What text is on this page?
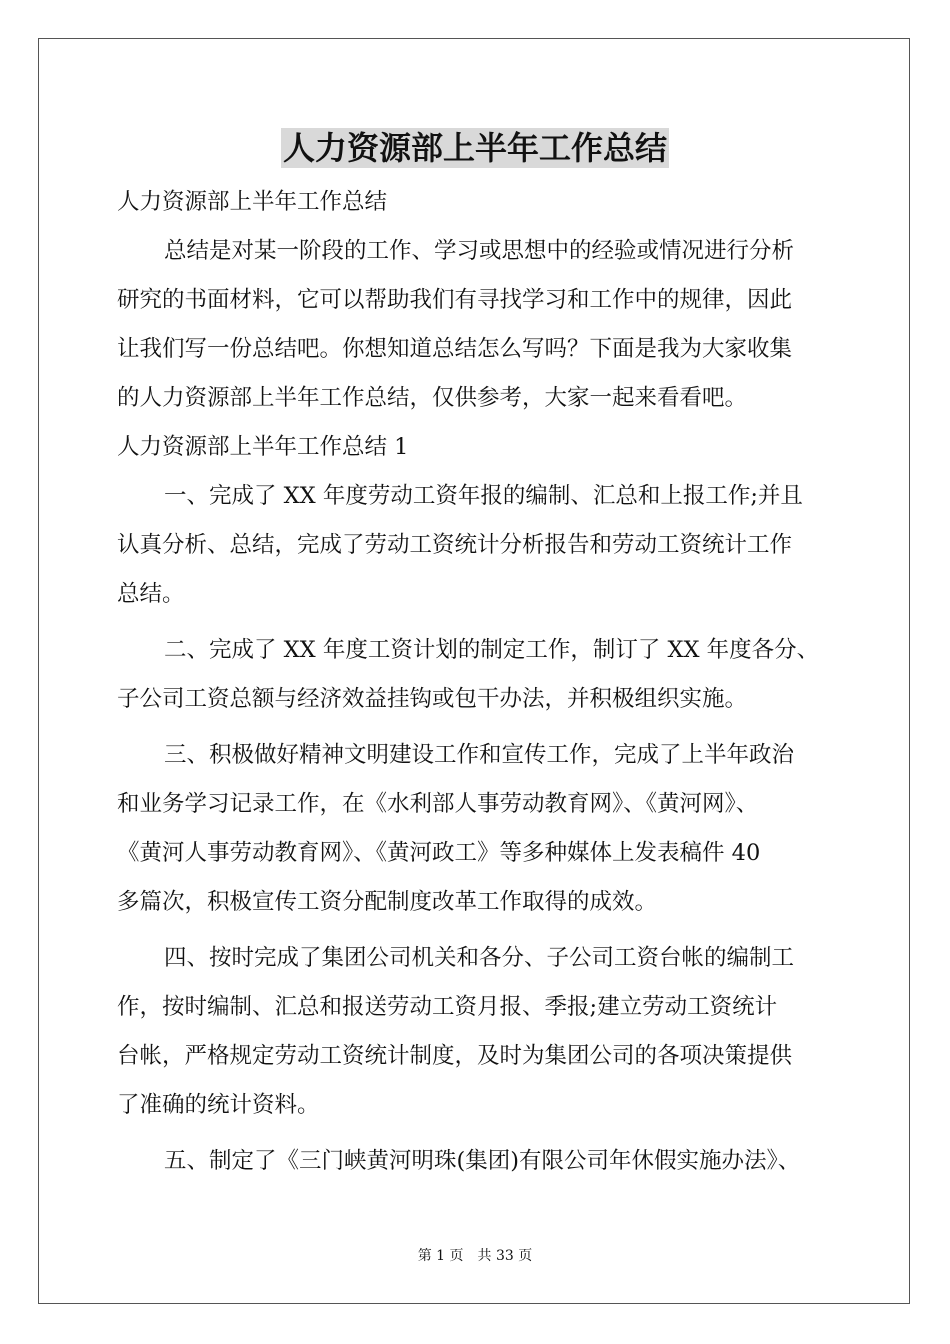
人力资源部上半年工作总结
人力资源部上半年工作总结
总结是对某一阶段的工作、学习或思想中的经验或情况进行分析
研究的书面材料，它可以帮助我们有寻找学习和工作中的规律，因此
让我们写一份总结吧。你想知道总结怎么写吗？下面是我为大家收集
的人力资源部上半年工作总结，仅供参考，大家一起来看看吧。
人力资源部上半年工作总结 1
一、完成了 XX 年度劳动工资年报的编制、汇总和上报工作;并且
认真分析、总结，完成了劳动工资统计分析报告和劳动工资统计工作
总结。
二、完成了 XX 年度工资计划的制定工作，制订了 XX 年度各分、
子公司工资总额与经济效益挂钩或包干办法，并积极组织实施。
三、积极做好精神文明建设工作和宣传工作，完成了上半年政治
和业务学习记录工作，在《水利部人事劳动教育网》、《黄河网》、
《黄河人事劳动教育网》、《黄河政工》等多种媒体上发表稿件 40
多篇次，积极宣传工资分配制度改革工作取得的成效。
四、按时完成了集团公司机关和各分、子公司工资台帐的编制工
作，按时编制、汇总和报送劳动工资月报、季报;建立劳动工资统计
台帐，严格规定劳动工资统计制度，及时为集团公司的各项决策提供
了准确的统计资料。
五、制定了《三门峡黄河明珠(集团)有限公司年休假实施办法》、
第 1 页　共 33 页
